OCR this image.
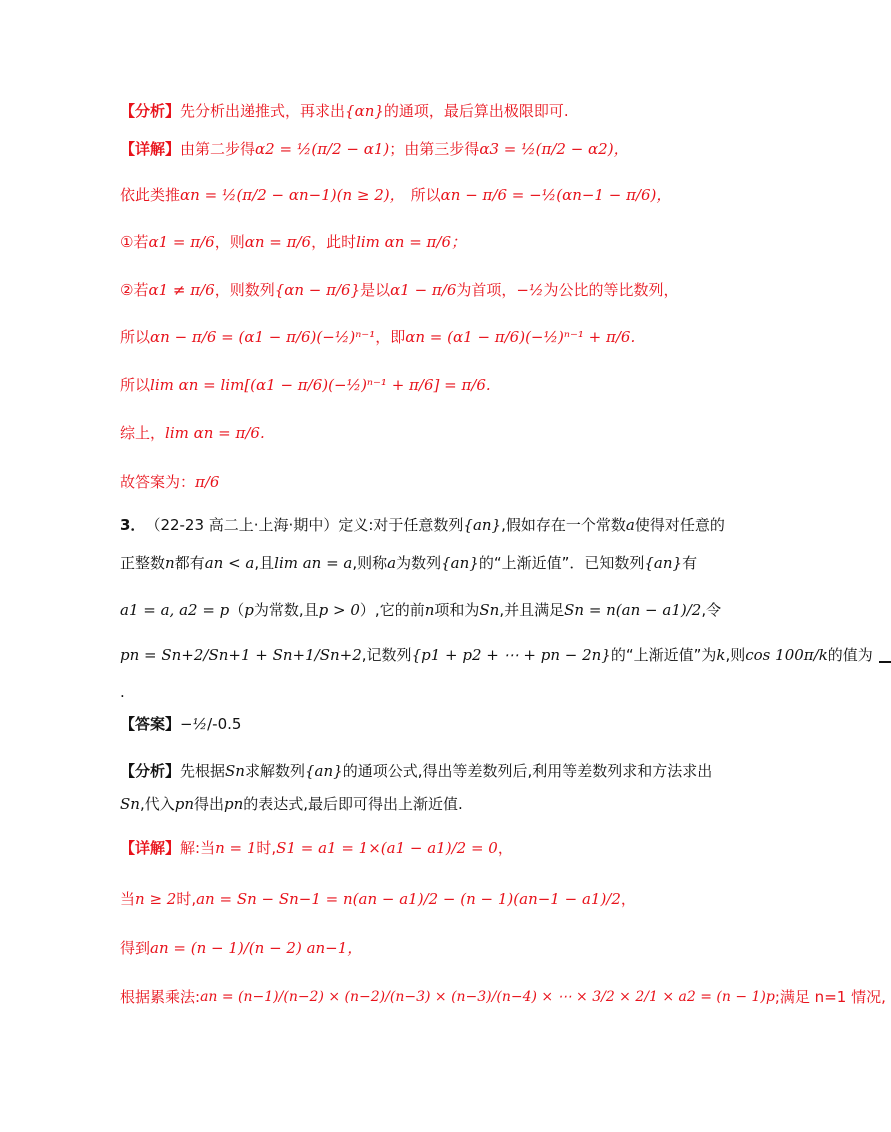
【分析】 先分析出递推式，再求出 {αn} 的通项，最后算出极限即可.
【详解】 由第二步得 α2 = ½(π/2 − α1) ；由第三步得 α3 = ½(π/2 − α2)，
依此类推 αn = ½(π/2 − αn−1)(n ≥ 2)， 所以 αn − π/6 = −½(αn−1 − π/6)，
①若 α1 = π/6 ，则 αn = π/6 ，此时 lim αn = π/6；
②若 α1 ≠ π/6 ，则数列 {αn − π/6} 是以 α1 − π/6 为首项， −½ 为公比的等比数列，
所以 αn − π/6 = (α1 − π/6)(−½)ⁿ⁻¹ ，即 αn = (α1 − π/6)(−½)ⁿ⁻¹ + π/6.
所以 lim αn = lim[(α1 − π/6)(−½)ⁿ⁻¹ + π/6] = π/6.
综上， lim αn = π/6.
故答案为： π/6
3． （22-23 高二上·上海·期中） 定义:对于任意数列 {an} ,假如存在一个常数 a 使得对任意的
正整数 n 都有 an < a ,且 lim an = a ,则称 a 为数列 {an} 的“上渐近值”．已知数列 {an} 有
a1 = a, a2 = p （ p 为常数,且 p > 0 ）,它的前 n 项和为 Sn ,并且满足 Sn = n(an − a1)/2 ,令
pn = Sn+2/Sn+1 + Sn+1/Sn+2 ,记数列 {p1 + p2 + ⋯ + pn − 2n} 的“上渐近值”为 k ,则 cos 100π/k 的值为
.
【答案】 −½ /-0.5
【分析】 先根据 Sn 求解数列 {an} 的通项公式,得出等差数列后,利用等差数列求和方法求出
Sn ,代入 pn 得出 pn 的表达式,最后即可得出上渐近值.
【详解】 解:当 n = 1 时, S1 = a1 = 1×(a1 − a1)/2 = 0 ，
当 n ≥ 2 时, an = Sn − Sn−1 = n(an − a1)/2 − (n − 1)(an−1 − a1)/2 ，
得到 an = (n − 1)/(n − 2) an−1，
根据累乘法: an = (n−1)/(n−2) × (n−2)/(n−3) × (n−3)/(n−4) × ⋯ × 3/2 × 2/1 × a2 = (n − 1)p ;满足 n=1 情况,
